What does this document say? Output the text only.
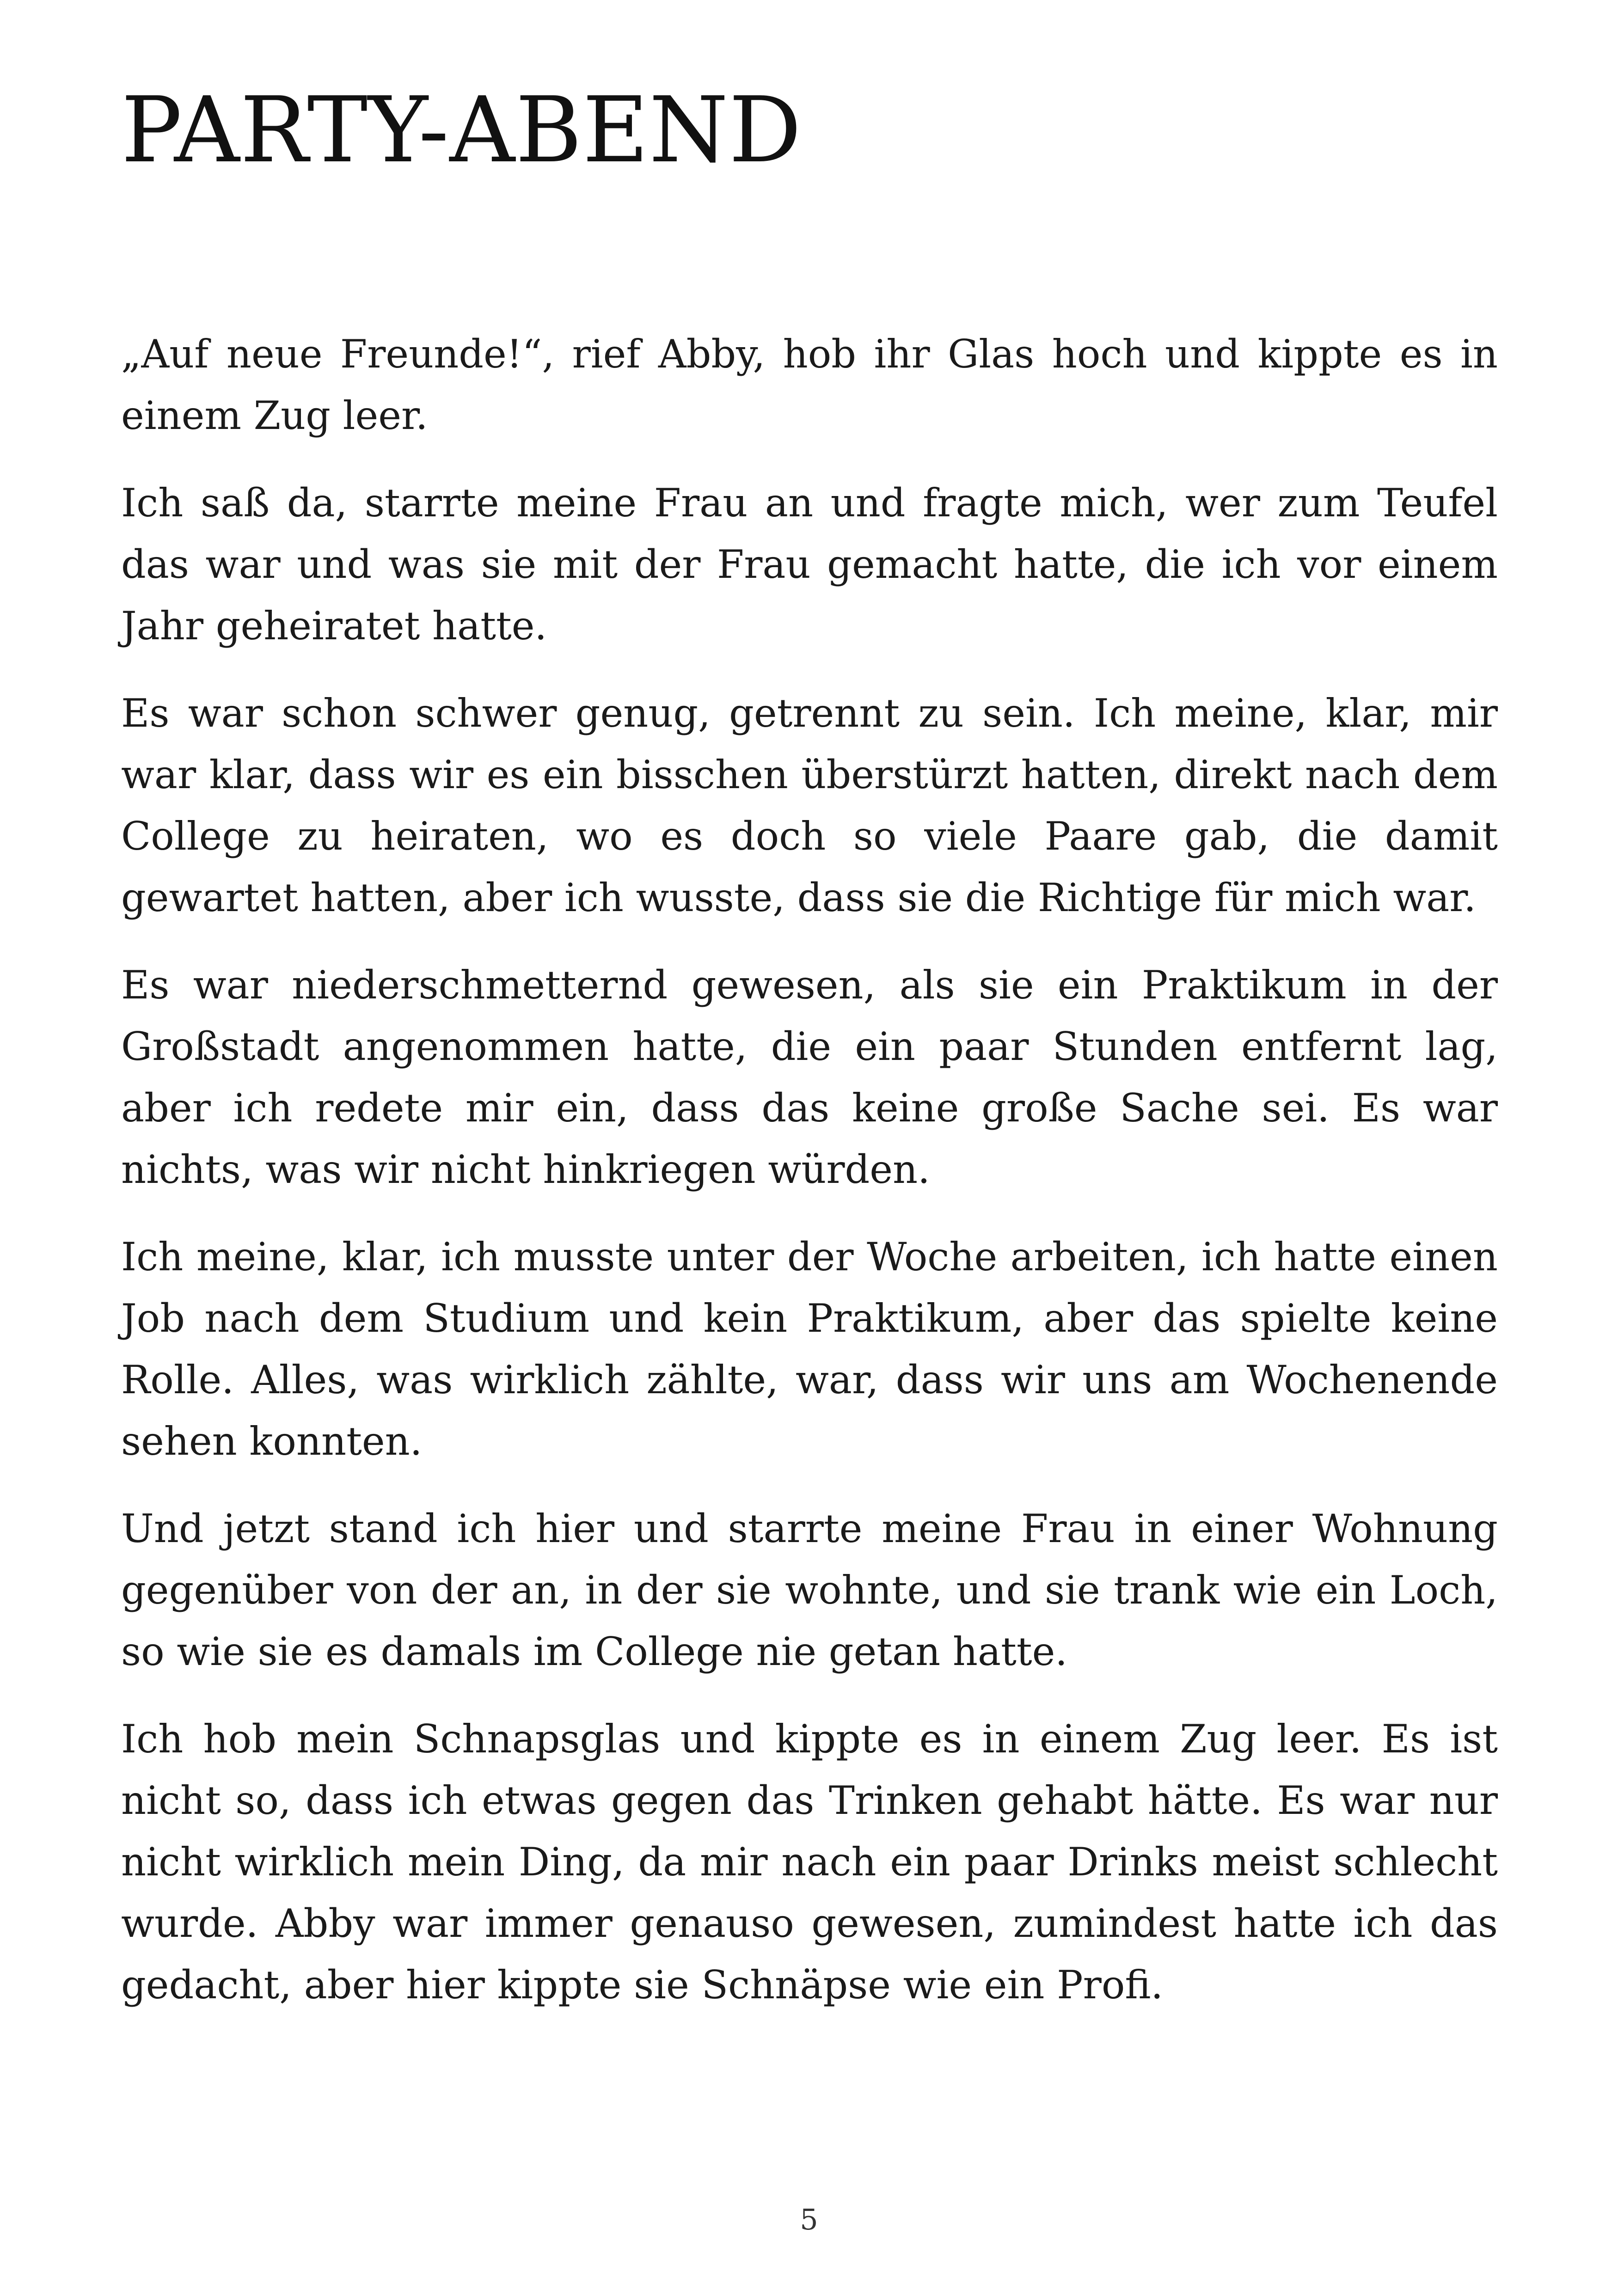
PARTY-ABEND

„Auf neue Freunde!“, rief Abby, hob ihr Glas hoch und kippte es in einem Zug leer.

Ich saß da, starrte meine Frau an und fragte mich, wer zum Teufel das war und was sie mit der Frau gemacht hatte, die ich vor einem Jahr geheiratet hatte.

Es war schon schwer genug, getrennt zu sein. Ich meine, klar, mir war klar, dass wir es ein bisschen überstürzt hatten, direkt nach dem College zu heiraten, wo es doch so viele Paare gab, die damit gewartet hatten, aber ich wusste, dass sie die Richtige für mich war.

Es war niederschmetternd gewesen, als sie ein Praktikum in der Großstadt angenommen hatte, die ein paar Stunden entfernt lag, aber ich redete mir ein, dass das keine große Sache sei. Es war nichts, was wir nicht hinkriegen würden.

Ich meine, klar, ich musste unter der Woche arbeiten, ich hatte einen Job nach dem Studium und kein Praktikum, aber das spielte keine Rolle. Alles, was wirklich zählte, war, dass wir uns am Wochenende sehen konnten.

Und jetzt stand ich hier und starrte meine Frau in einer Wohnung gegenüber von der an, in der sie wohnte, und sie trank wie ein Loch, so wie sie es damals im College nie getan hatte.

Ich hob mein Schnapsglas und kippte es in einem Zug leer. Es ist nicht so, dass ich etwas gegen das Trinken gehabt hätte. Es war nur nicht wirklich mein Ding, da mir nach ein paar Drinks meist schlecht wurde. Abby war immer genauso gewesen, zumindest hatte ich das gedacht, aber hier kippte sie Schnäpse wie ein Profi.

5
